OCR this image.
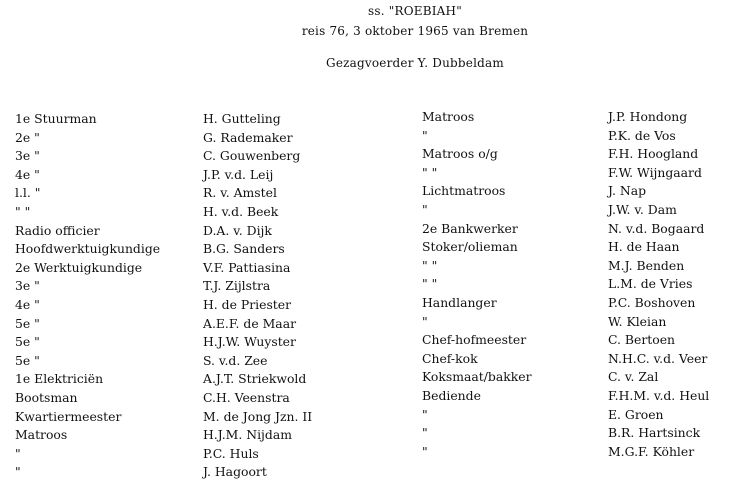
ss. "ROEBIAH"
reis 76, 3 oktober 1965 van Bremen
Gezagvoerder Y. Dubbeldam
1e Stuurman
2e "
3e "
4e "
l.l. "
" "
Radio officier
Hoofdwerktuigkundige
2e Werktuigkundige
3e "
4e "
5e "
5e "
5e "
1e Elektriciën
Bootsman
Kwartiermeester
Matroos
"
"
H. Gutteling
G. Rademaker
C. Gouwenberg
J.P. v.d. Leij
R. v. Amstel
H. v.d. Beek
D.A. v. Dijk
B.G. Sanders
V.F. Pattiasina
T.J. Zijlstra
H. de Priester
A.E.F. de Maar
H.J.W. Wuyster
S. v.d. Zee
A.J.T. Striekwold
C.H. Veenstra
M. de Jong Jzn. II
H.J.M. Nijdam
P.C. Huls
J. Hagoort
Matroos
"
Matroos o/g
" "
Lichtmatroos
"
2e Bankwerker
Stoker/olieman
" "
" "
Handlanger
"
Chef-hofmeester
Chef-kok
Koksmaat/bakker
Bediende
"
"
"
J.P. Hondong
P.K. de Vos
F.H. Hoogland
F.W. Wijngaard
J. Nap
J.W. v. Dam
N. v.d. Bogaard
H. de Haan
M.J. Benden
L.M. de Vries
P.C. Boshoven
W. Kleian
C. Bertoen
N.H.C. v.d. Veer
C. v. Zal
F.H.M. v.d. Heul
E. Groen
B.R. Hartsinck
M.G.F. Köhler
